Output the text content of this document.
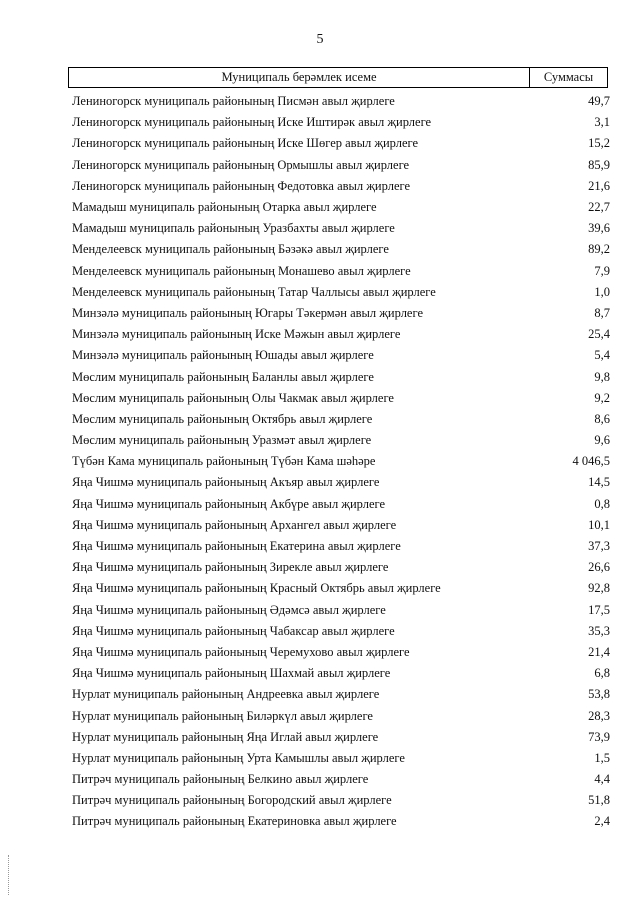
5
Муниципаль берәмлек исеме	Суммасы
Лениногорск муниципаль районының Писмән авыл җирлеге	49,7
Лениногорск муниципаль районының Иске Иштирәк авыл җирлеге	3,1
Лениногорск муниципаль районының Иске Шөгер авыл җирлеге	15,2
Лениногорск муниципаль районының Ормышлы авыл җирлеге	85,9
Лениногорск муниципаль районының Федотовка авыл җирлеге	21,6
Мамадыш муниципаль районының Отарка авыл җирлеге	22,7
Мамадыш муниципаль районының Уразбахты авыл җирлеге	39,6
Менделеевск муниципаль районының Бәзәкә авыл җирлеге	89,2
Менделеевск муниципаль районының Монашево авыл җирлеге	7,9
Менделеевск муниципаль районының Татар Чаллысы авыл җирлеге	1,0
Минзәлә муниципаль районының Югары Тәкермән авыл җирлеге	8,7
Минзәлә муниципаль районының Иске Мәжын авыл җирлеге	25,4
Минзәлә муниципаль районының Юшады авыл җирлеге	5,4
Мөслим муниципаль районының Баланлы авыл җирлеге	9,8
Мөслим муниципаль районының Олы Чакмак авыл җирлеге	9,2
Мөслим муниципаль районының Октябрь авыл җирлеге	8,6
Мөслим муниципаль районының Уразмәт авыл җирлеге	9,6
Түбән Кама муниципаль районының Түбән Кама шәһәре	4 046,5
Яңа Чишмә муниципаль районының Акъяр авыл җирлеге	14,5
Яңа Чишмә муниципаль районының Акбүре авыл җирлеге	0,8
Яңа Чишмә муниципаль районының Архангел авыл җирлеге	10,1
Яңа Чишмә муниципаль районының Екатерина авыл җирлеге	37,3
Яңа Чишмә муниципаль районының Зирекле авыл җирлеге	26,6
Яңа Чишмә муниципаль районының Красный Октябрь авыл җирлеге	92,8
Яңа Чишмә муниципаль районының Әдәмсә авыл җирлеге	17,5
Яңа Чишмә муниципаль районының Чабаксар авыл җирлеге	35,3
Яңа Чишмә муниципаль районының Черемухово авыл җирлеге	21,4
Яңа Чишмә муниципаль районының Шахмай авыл җирлеге	6,8
Нурлат муниципаль районының Андреевка авыл җирлеге	53,8
Нурлат муниципаль районының Биләркүл авыл җирлеге	28,3
Нурлат муниципаль районының Яңа Иглай авыл җирлеге	73,9
Нурлат муниципаль районының Урта Камышлы авыл җирлеге	1,5
Питрәч муниципаль районының Белкино авыл җирлеге	4,4
Питрәч муниципаль районының Богородский авыл җирлеге	51,8
Питрәч муниципаль районының Екатериновка авыл җирлеге	2,4
